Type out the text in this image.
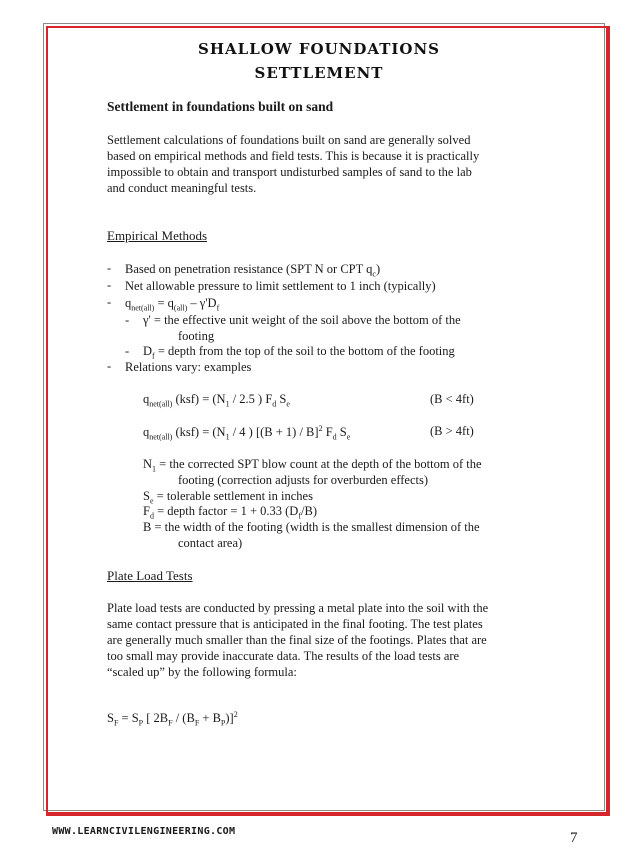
SHALLOW FOUNDATIONS
SETTLEMENT
Settlement in foundations built on sand
Settlement calculations of foundations built on sand are generally solved
based on empirical methods and field tests. This is because it is practically
impossible to obtain and transport undisturbed samples of sand to the lab
and conduct meaningful tests.
Empirical Methods
- Based on penetration resistance (SPT N or CPT $q_c$)
- Net allowable pressure to limit settlement to 1 inch (typically)
- $q_{net(all)} = q_{(all)} - \gamma'D_f$
- γ' = the effective unit weight of the soil above the bottom of the
footing
- $D_f$ = depth from the top of the soil to the bottom of the footing
- Relations vary: examples
$q_{net(all)}$ $(ksf) = (N_1 / 2.5$ ) $F_d$ $S_e$	(B < 4ft)
$q_{net(all)}$ $(ksf) = (N_1 / 4$ ) $[(B + 1) / B]^2$ $F_d$ $S_e$	(B > 4ft)
$N_1$ = the corrected SPT blow count at the depth of the bottom of the
footing (correction adjusts for overburden effects)
$S_e$ = tolerable settlement in inches
$F_d$ = depth factor = 1 + 0.33 $(D_f/B)$
B = the width of the footing (width is the smallest dimension of the
contact area)
Plate Load Tests
Plate load tests are conducted by pressing a metal plate into the soil with the
same contact pressure that is anticipated in the final footing. The test plates
are generally much smaller than the final size of the footings. Plates that are
too small may provide inaccurate data. The results of the load tests are
“scaled up” by the following formula:
$S_F = S_P$ [ $2B_F / (B_F + B_P)]^2$
WWW.LEARNCIVILENGINEERING.COM	7
